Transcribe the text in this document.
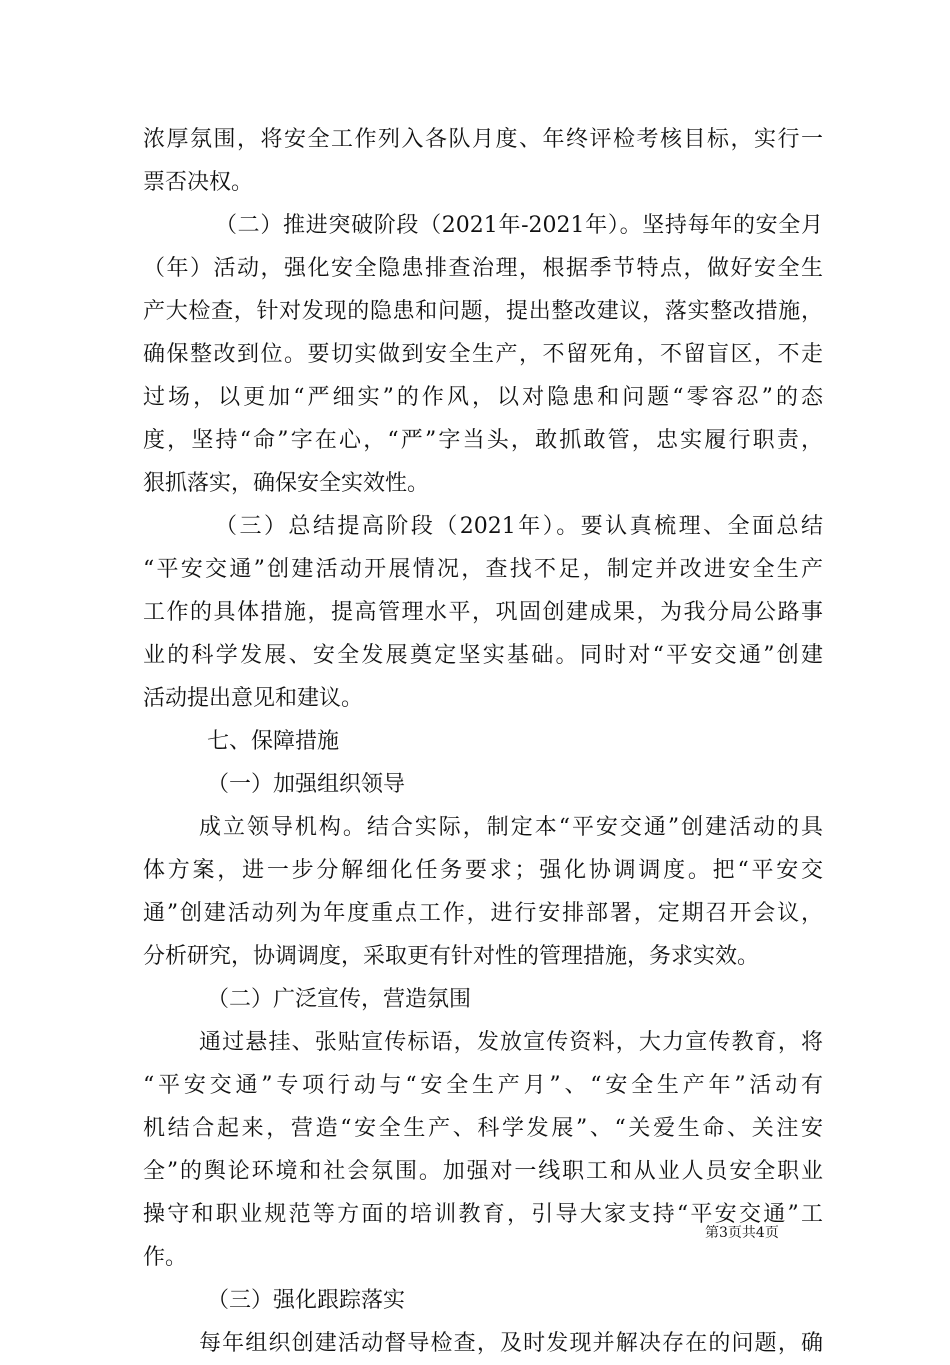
浓厚氛围，将安全工作列入各队月度、年终评检考核目标，实行一
票否决权。
（二）推进突破阶段（2021年-2021年）。坚持每年的安全月
（年）活动，强化安全隐患排查治理，根据季节特点，做好安全生
产大检查，针对发现的隐患和问题，提出整改建议，落实整改措施，
确保整改到位。要切实做到安全生产，不留死角，不留盲区，不走
过场，以更加“严细实”的作风，以对隐患和问题“零容忍”的态
度，坚持“命”字在心，“严”字当头，敢抓敢管，忠实履行职责，
狠抓落实，确保安全实效性。
（三）总结提高阶段（2021年）。要认真梳理、全面总结
“平安交通”创建活动开展情况，查找不足，制定并改进安全生产
工作的具体措施，提高管理水平，巩固创建成果，为我分局公路事
业的科学发展、安全发展奠定坚实基础。同时对“平安交通”创建
活动提出意见和建议。
七、保障措施
（一）加强组织领导
成立领导机构。结合实际，制定本“平安交通”创建活动的具
体方案，进一步分解细化任务要求；强化协调调度。把“平安交
通”创建活动列为年度重点工作，进行安排部署，定期召开会议，
分析研究，协调调度，采取更有针对性的管理措施，务求实效。
（二）广泛宣传，营造氛围
通过悬挂、张贴宣传标语，发放宣传资料，大力宣传教育，将
“平安交通”专项行动与“安全生产月”、“安全生产年”活动有
机结合起来，营造“安全生产、科学发展”、“关爱生命、关注安
全”的舆论环境和社会氛围。加强对一线职工和从业人员安全职业
操守和职业规范等方面的培训教育，引导大家支持“平安交通”工
作。
（三）强化跟踪落实
每年组织创建活动督导检查，及时发现并解决存在的问题，确
第3页共4页
